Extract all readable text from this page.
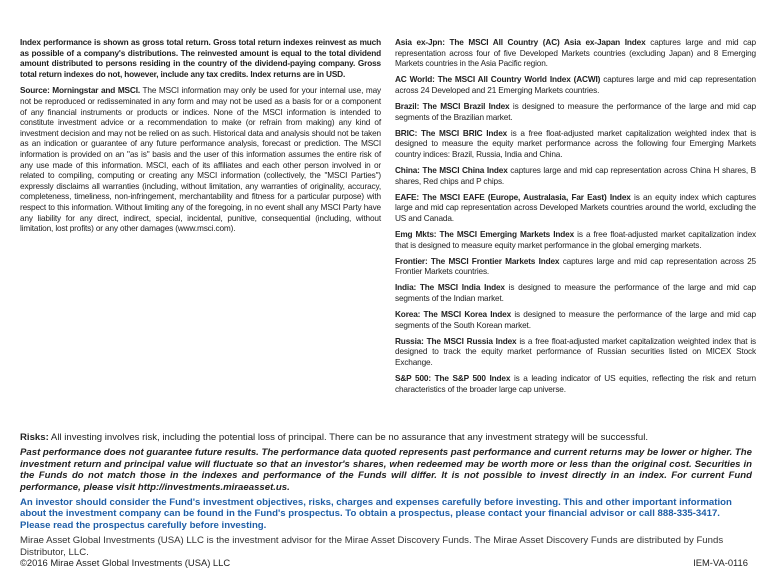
Index performance is shown as gross total return. Gross total return indexes reinvest as much as possible of a company's distributions. The reinvested amount is equal to the total dividend amount distributed to persons residing in the country of the dividend-paying company. Gross total return indexes do not, however, include any tax credits. Index returns are in USD.

Source: Morningstar and MSCI. The MSCI information may only be used for your internal use, may not be reproduced or redisseminated in any form and may not be used as a basis for or a component of any financial instruments or products or indices. None of the MSCI information is intended to constitute investment advice or a recommendation to make (or refrain from making) any kind of investment decision and may not be relied on as such. Historical data and analysis should not be taken as an indication or guarantee of any future performance analysis, forecast or prediction. The MSCI information is provided on an "as is" basis and the user of this information assumes the entire risk of any use made of this information. MSCI, each of its affiliates and each other person involved in or related to compiling, computing or creating any MSCI information (collectively, the "MSCI Parties") expressly disclaims all warranties (including, without limitation, any warranties of originality, accuracy, completeness, timeliness, non-infringement, merchantability and fitness for a particular purpose) with respect to this information. Without limiting any of the foregoing, in no event shall any MSCI Party have any liability for any direct, indirect, special, incidental, punitive, consequential (including, without limitation, lost profits) or any other damages (www.msci.com).

Asia ex-Jpn: The MSCI All Country (AC) Asia ex-Japan Index captures large and mid cap representation across four of five Developed Markets countries (excluding Japan) and 8 Emerging Markets countries in the Asia Pacific region.

AC World: The MSCI All Country World Index (ACWI) captures large and mid cap representation across 24 Developed and 21 Emerging Markets countries.

Brazil: The MSCI Brazil Index is designed to measure the performance of the large and mid cap segments of the Brazilian market.

BRIC: The MSCI BRIC Index is a free float-adjusted market capitalization weighted index that is designed to measure the equity market performance across the following four Emerging Markets country indices: Brazil, Russia, India and China.

China: The MSCI China Index captures large and mid cap representation across China H shares, B shares, Red chips and P chips.

EAFE: The MSCI EAFE (Europe, Australasia, Far East) Index is an equity index which captures large and mid cap representation across Developed Markets countries around the world, excluding the US and Canada.

Emg Mkts: The MSCI Emerging Markets Index is a free float-adjusted market capitalization index that is designed to measure equity market performance in the global emerging markets.

Frontier: The MSCI Frontier Markets Index captures large and mid cap representation across 25 Frontier Markets countries.

India: The MSCI India Index is designed to measure the performance of the large and mid cap segments of the Indian market.

Korea: The MSCI Korea Index is designed to measure the performance of the large and mid cap segments of the South Korean market.

Russia: The MSCI Russia Index is a free float-adjusted market capitalization weighted index that is designed to track the equity market performance of Russian securities listed on MICEX Stock Exchange.

S&P 500: The S&P 500 Index is a leading indicator of US equities, reflecting the risk and return characteristics of the broader large cap universe.

Risks: All investing involves risk, including the potential loss of principal. There can be no assurance that any investment strategy will be successful.

Past performance does not guarantee future results. The performance data quoted represents past performance and current returns may be lower or higher. The investment return and principal value will fluctuate so that an investor's shares, when redeemed may be worth more or less than the original cost. Securities in the Funds do not match those in the indexes and performance of the Funds will differ. It is not possible to invest directly in an index. For current Fund performance, please visit http://investments.miraeasset.us.

An investor should consider the Fund's investment objectives, risks, charges and expenses carefully before investing. This and other important information about the investment company can be found in the Fund's prospectus. To obtain a prospectus, please contact your financial advisor or call 888-335-3417. Please read the prospectus carefully before investing.

Mirae Asset Global Investments (USA) LLC is the investment advisor for the Mirae Asset Discovery Funds. The Mirae Asset Discovery Funds are distributed by Funds Distributor, LLC.

©2016 Mirae Asset Global Investments (USA) LLC	IEM-VA-0116
